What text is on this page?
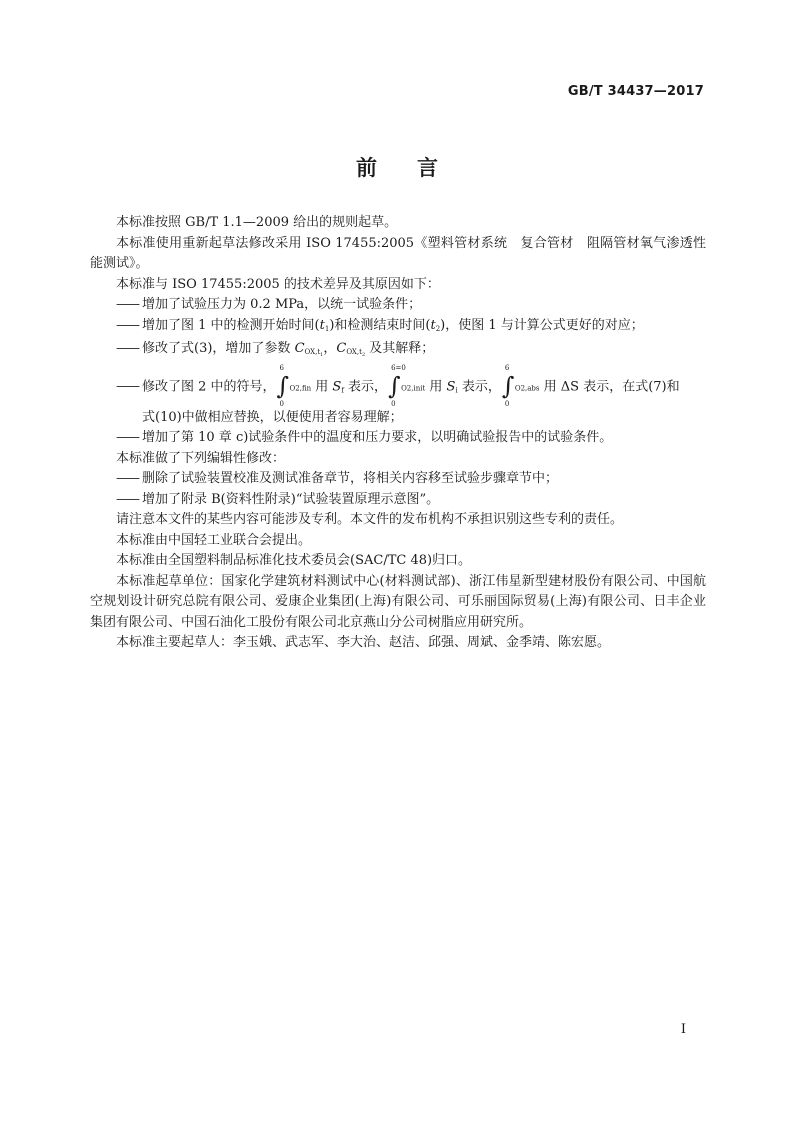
GB/T 34437—2017
前言

本标准按照 GB/T 1.1—2009 给出的规则起草。

本标准使用重新起草法修改采用 ISO 17455:2005《塑料管材系统　复合管材　阻隔管材氧气渗透性能测试》。

本标准与 ISO 17455:2005 的技术差异及其原因如下：

—— 增加了试验压力为 0.2 MPa，以统一试验条件；

—— 增加了图 1 中的检测开始时间$(t_1)$和检测结束时间$(t_2)$，使图 1 与计算公式更好的对应；

—— 修改了式(3)，增加了参数 $C_{OX,t1}$，$C_{OX,t2}$ 及其解释；

—— 修改了图 2 中的符号，
6
∫
0
O2,fin 用 $S_f$ 表示，
6=0
∫
0
O2,init 用 $S_i$ 表示，
6
∫
0
O2,abs 用 ΔS 表示，在式(7)和

式(10)中做相应替换，以便使用者容易理解；

—— 增加了第 10 章 c)试验条件中的温度和压力要求，以明确试验报告中的试验条件。

本标准做了下列编辑性修改：

—— 删除了试验装置校准及测试准备章节，将相关内容移至试验步骤章节中；

—— 增加了附录 B(资料性附录)“试验装置原理示意图”。

请注意本文件的某些内容可能涉及专利。本文件的发布机构不承担识别这些专利的责任。

本标准由中国轻工业联合会提出。

本标准由全国塑料制品标准化技术委员会(SAC/TC 48)归口。

本标准起草单位：国家化学建筑材料测试中心(材料测试部)、浙江伟星新型建材股份有限公司、中国航空规划设计研究总院有限公司、爱康企业集团(上海)有限公司、可乐丽国际贸易(上海)有限公司、日丰企业集团有限公司、中国石油化工股份有限公司北京燕山分公司树脂应用研究所。

本标准主要起草人：李玉娥、武志军、李大治、赵洁、邱强、周斌、金季靖、陈宏愿。

I
